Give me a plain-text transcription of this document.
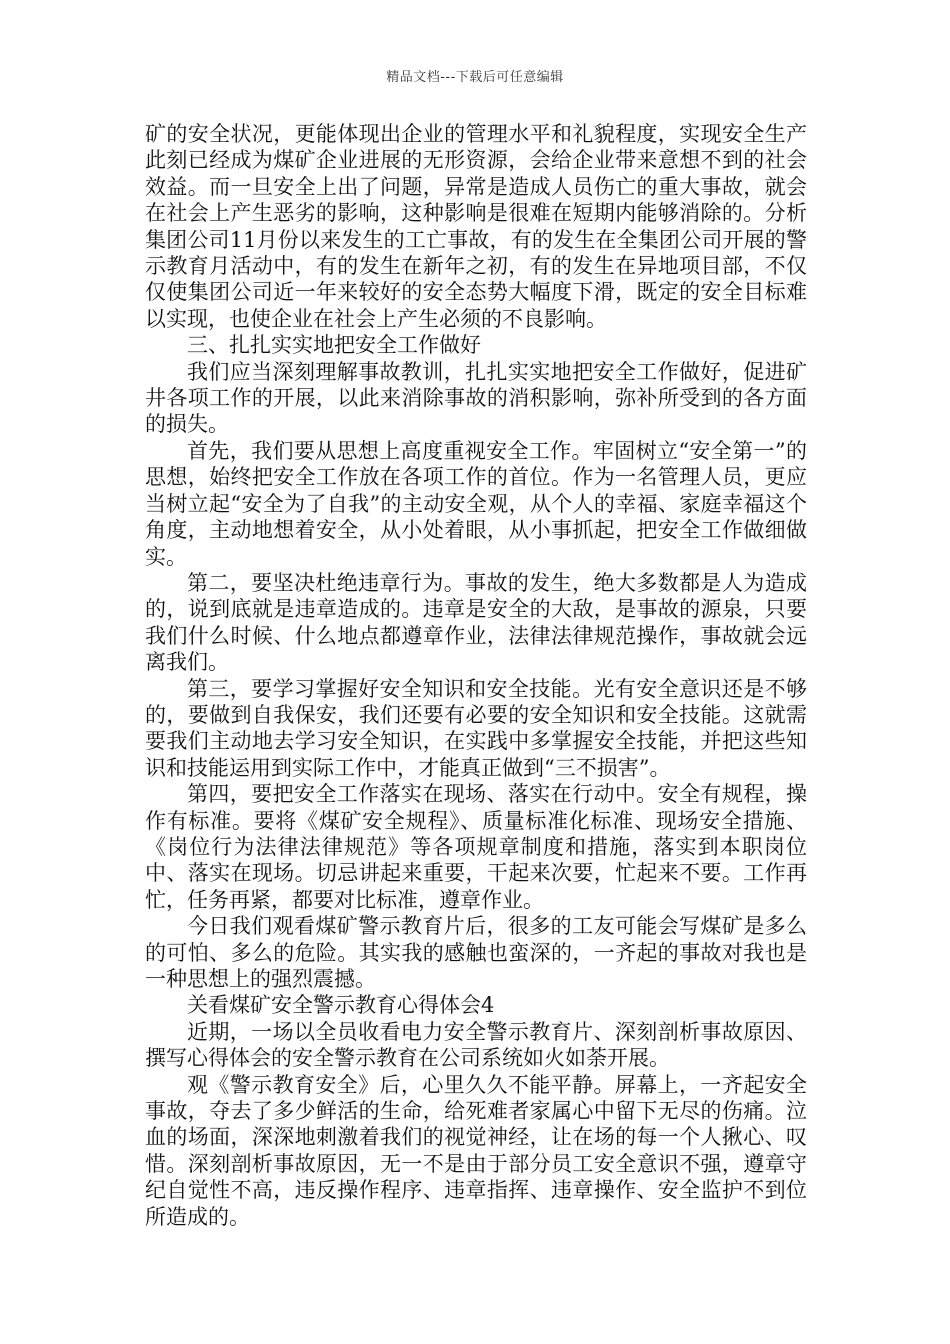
精品文档---下载后可任意编辑

矿的安全状况，更能体现出企业的管理水平和礼貌程度，实现安全生产此刻已经成为煤矿企业进展的无形资源，会给企业带来意想不到的社会效益。而一旦安全上出了问题，异常是造成人员伤亡的重大事故，就会在社会上产生恶劣的影响，这种影响是很难在短期内能够消除的。分析集团公司11月份以来发生的工亡事故，有的发生在全集团公司开展的警示教育月活动中，有的发生在新年之初，有的发生在异地项目部，不仅仅使集团公司近一年来较好的安全态势大幅度下滑，既定的安全目标难以实现，也使企业在社会上产生必须的不良影响。

三、扎扎实实地把安全工作做好

我们应当深刻理解事故教训，扎扎实实地把安全工作做好，促进矿井各项工作的开展，以此来消除事故的消积影响，弥补所受到的各方面的损失。

首先，我们要从思想上高度重视安全工作。牢固树立“安全第一”的思想，始终把安全工作放在各项工作的首位。作为一名管理人员，更应当树立起“安全为了自我”的主动安全观，从个人的幸福、家庭幸福这个角度，主动地想着安全，从小处着眼，从小事抓起，把安全工作做细做实。

第二，要坚决杜绝违章行为。事故的发生，绝大多数都是人为造成的，说到底就是违章造成的。违章是安全的大敌，是事故的源泉，只要我们什么时候、什么地点都遵章作业，法律法律规范操作，事故就会远离我们。

第三，要学习掌握好安全知识和安全技能。光有安全意识还是不够的，要做到自我保安，我们还要有必要的安全知识和安全技能。这就需要我们主动地去学习安全知识，在实践中多掌握安全技能，并把这些知识和技能运用到实际工作中，才能真正做到“三不损害”。

第四，要把安全工作落实在现场、落实在行动中。安全有规程，操作有标准。要将《煤矿安全规程》、质量标准化标准、现场安全措施、《岗位行为法律法律规范》等各项规章制度和措施，落实到本职岗位中、落实在现场。切忌讲起来重要，干起来次要，忙起来不要。工作再忙，任务再紧，都要对比标准，遵章作业。

今日我们观看煤矿警示教育片后，很多的工友可能会写煤矿是多么的可怕、多么的危险。其实我的感触也蛮深的，一齐起的事故对我也是一种思想上的强烈震撼。

关看煤矿安全警示教育心得体会4

近期，一场以全员收看电力安全警示教育片、深刻剖析事故原因、撰写心得体会的安全警示教育在公司系统如火如荼开展。

观《警示教育安全》后，心里久久不能平静。屏幕上，一齐起安全事故，夺去了多少鲜活的生命，给死难者家属心中留下无尽的伤痛。泣血的场面，深深地刺激着我们的视觉神经，让在场的每一个人揪心、叹惜。深刻剖析事故原因，无一不是由于部分员工安全意识不强，遵章守纪自觉性不高，违反操作程序、违章指挥、违章操作、安全监护不到位所造成的。
